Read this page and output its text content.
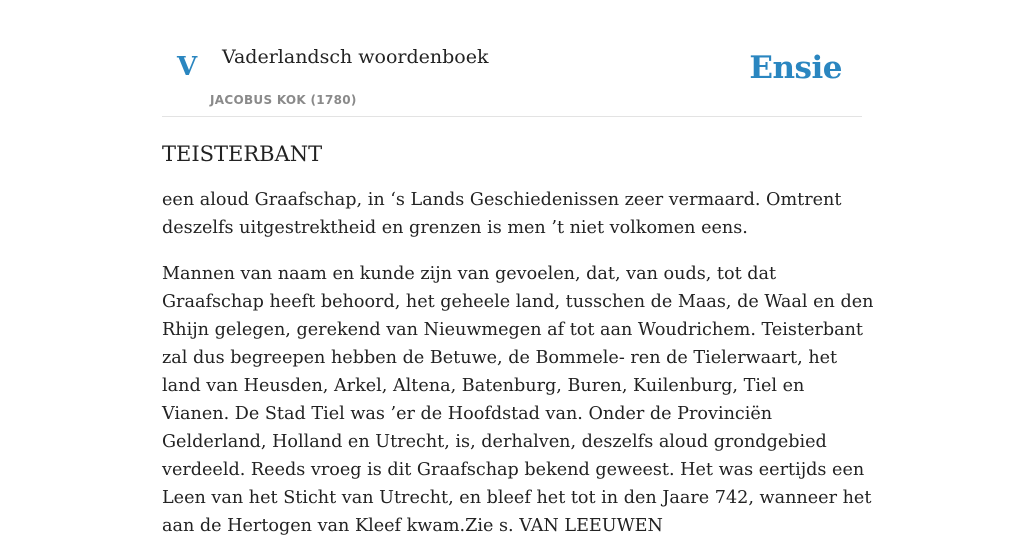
V Vaderlandsch woordenboek
JACOBUS KOK (1780)
Ensie
TEISTERBANT

een aloud Graafschap, in ‘s Lands Geschiedenissen zeer vermaard. Omtrent deszelfs uitgestrektheid en grenzen is men ’t niet volkomen eens.

Mannen van naam en kunde zijn van gevoelen, dat, van ouds, tot dat Graafschap heeft behoord, het geheele land, tusschen de Maas, de Waal en den Rhijn gelegen, gerekend van Nieuwmegen af tot aan Woudrichem. Teisterbant zal dus begreepen hebben de Betuwe, de Bommele- ren de Tielerwaart, het land van Heusden, Arkel, Altena, Batenburg, Buren, Kuilenburg, Tiel en Vianen. De Stad Tiel was ’er de Hoofdstad van. Onder de Provinciën Gelderland, Holland en Utrecht, is, derhalven, deszelfs aloud grondgebied verdeeld. Reeds vroeg is dit Graafschap bekend geweest. Het was eertijds een Leen van het Sticht van Utrecht, en bleef het tot in den Jaare 742, wanneer het aan de Hertogen van Kleef kwam.Zie s. VAN LEEUWEN
